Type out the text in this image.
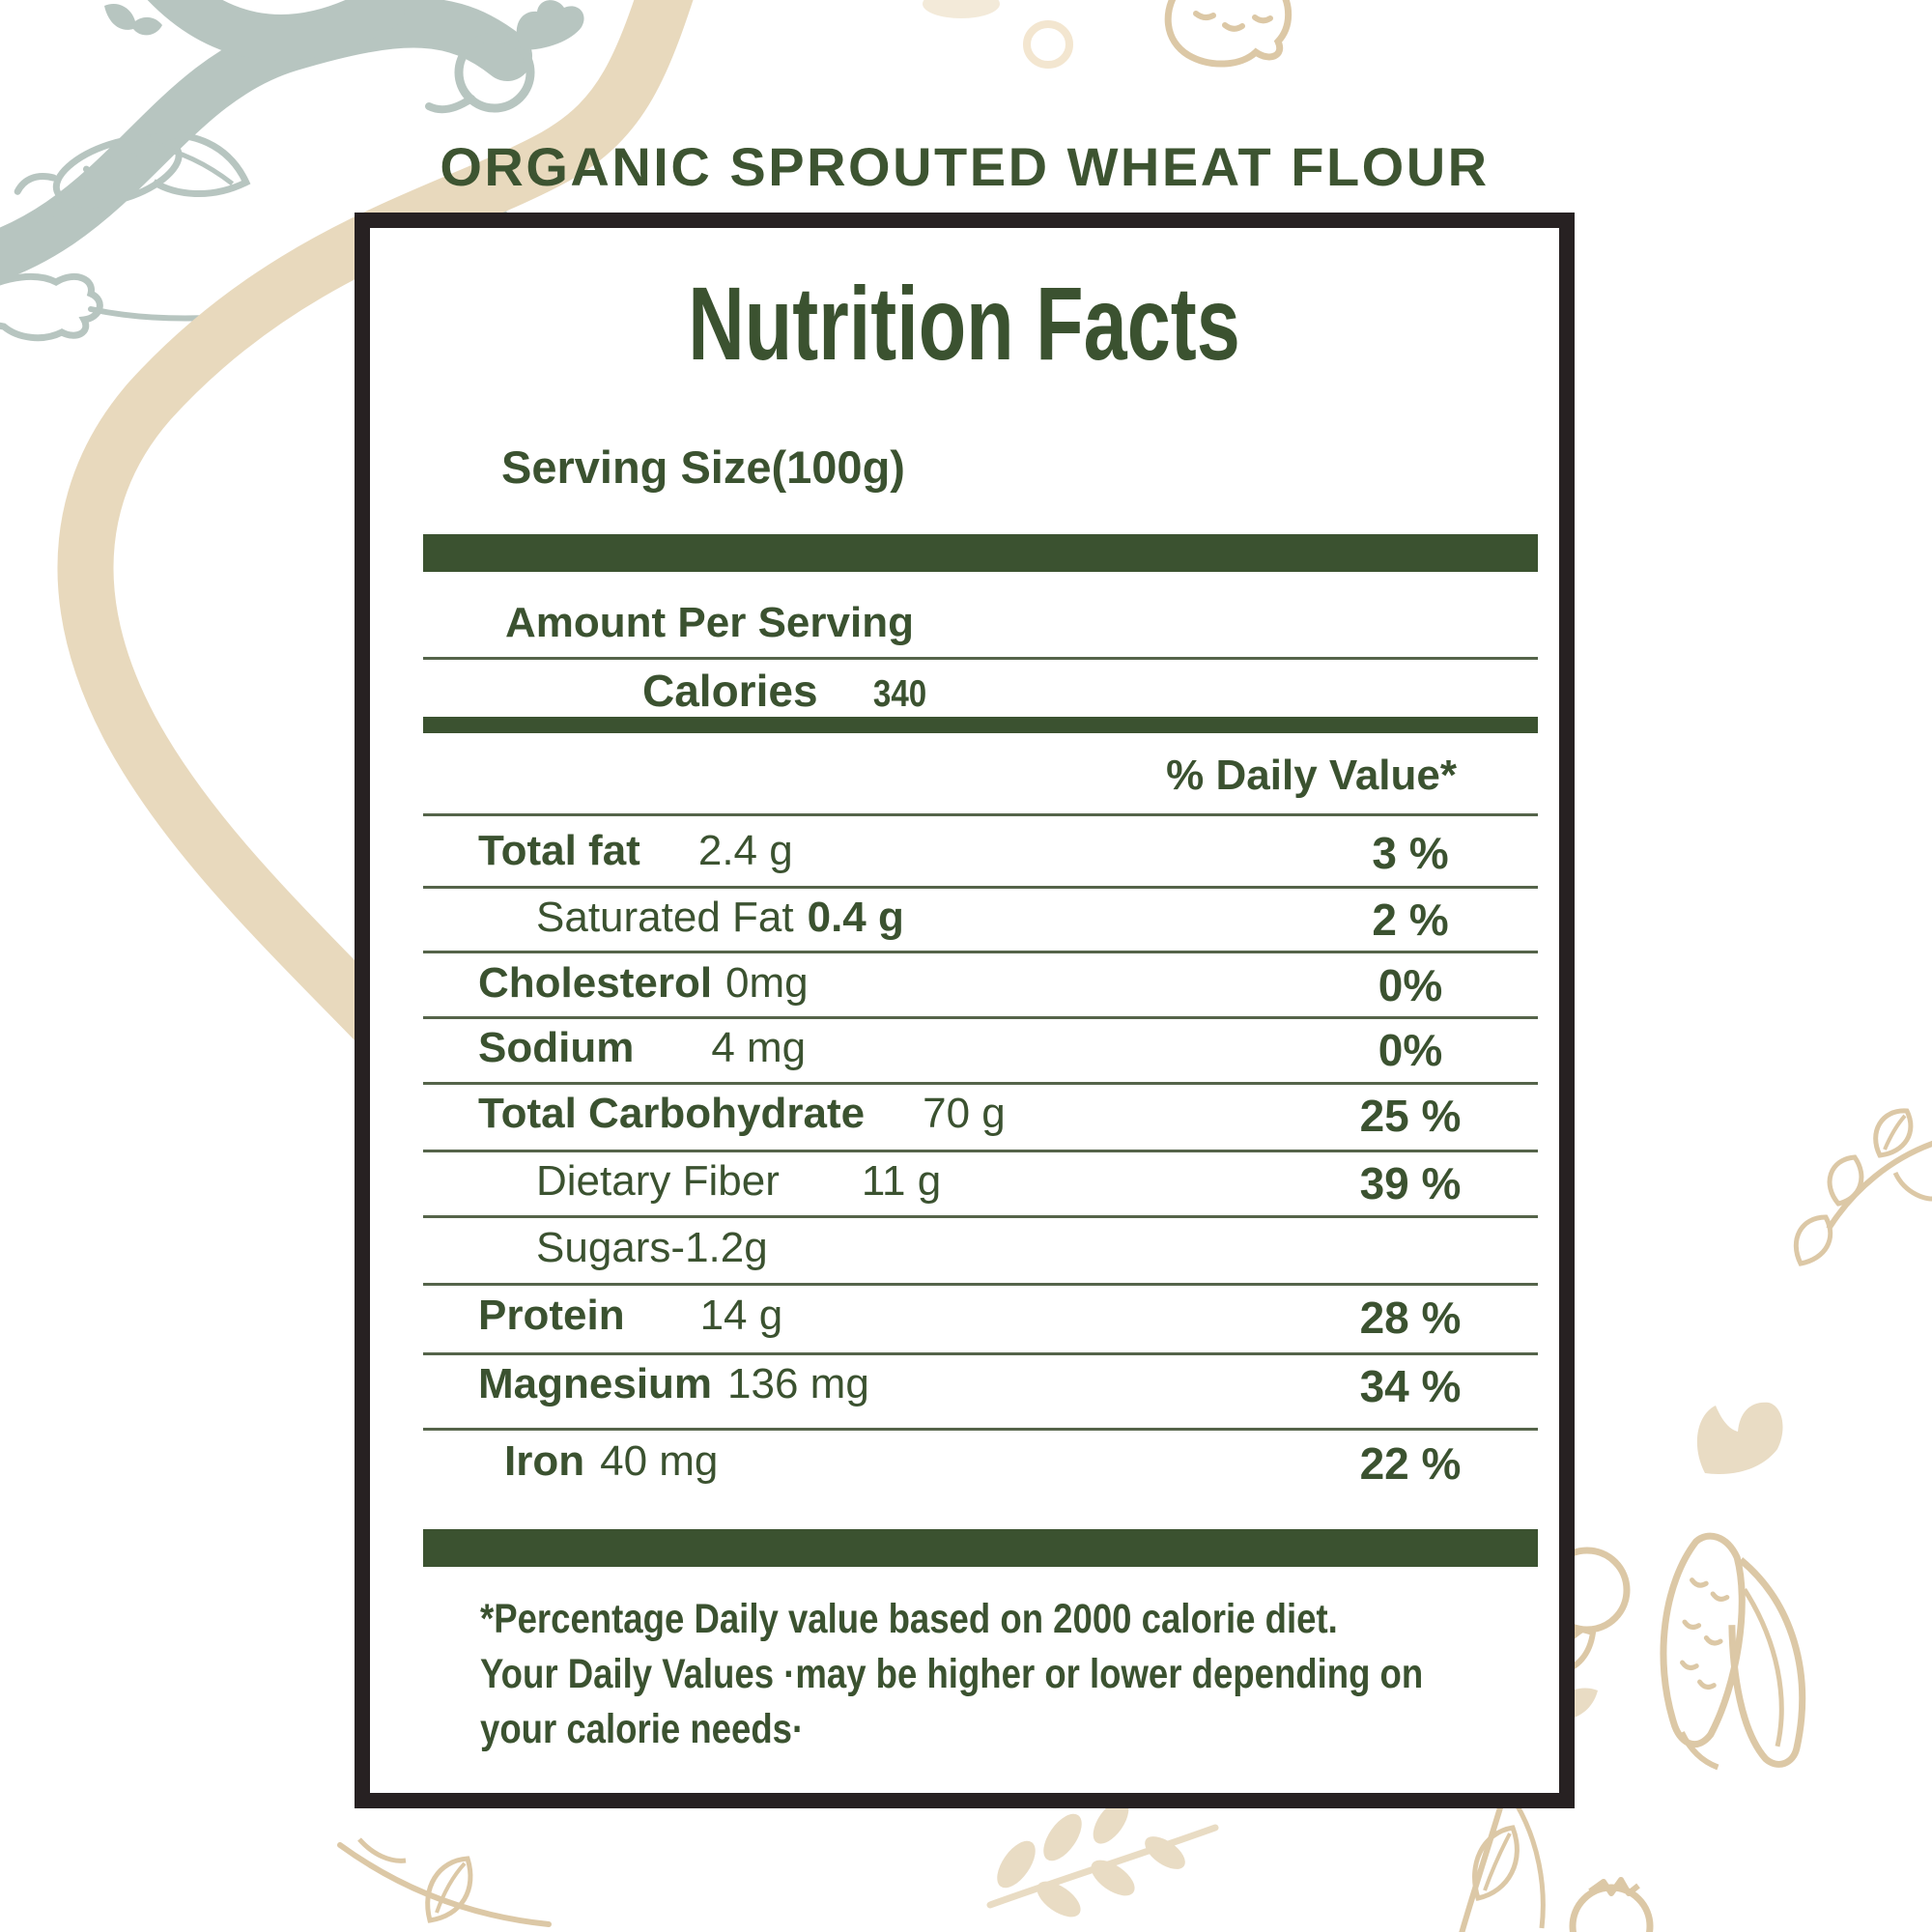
ORGANIC SPROUTED WHEAT FLOUR
Nutrition Facts
Serving Size(100g)
Amount Per Serving
Calories 340
% Daily Value*
Total fat 2.4 g	3 %
Saturated Fat 0.4 g	2 %
Cholesterol 0mg	0%
Sodium 4 mg	0%
Total Carbohydrate 70 g	25 %
Dietary Fiber 11 g	39 %
Sugars-1.2g
Protein 14 g	28 %
Magnesium 136 mg	34 %
Iron 40 mg	22 %
*Percentage Daily value based on 2000 calorie diet.
Your Daily Values ·may be higher or lower depending on
your calorie needs·
